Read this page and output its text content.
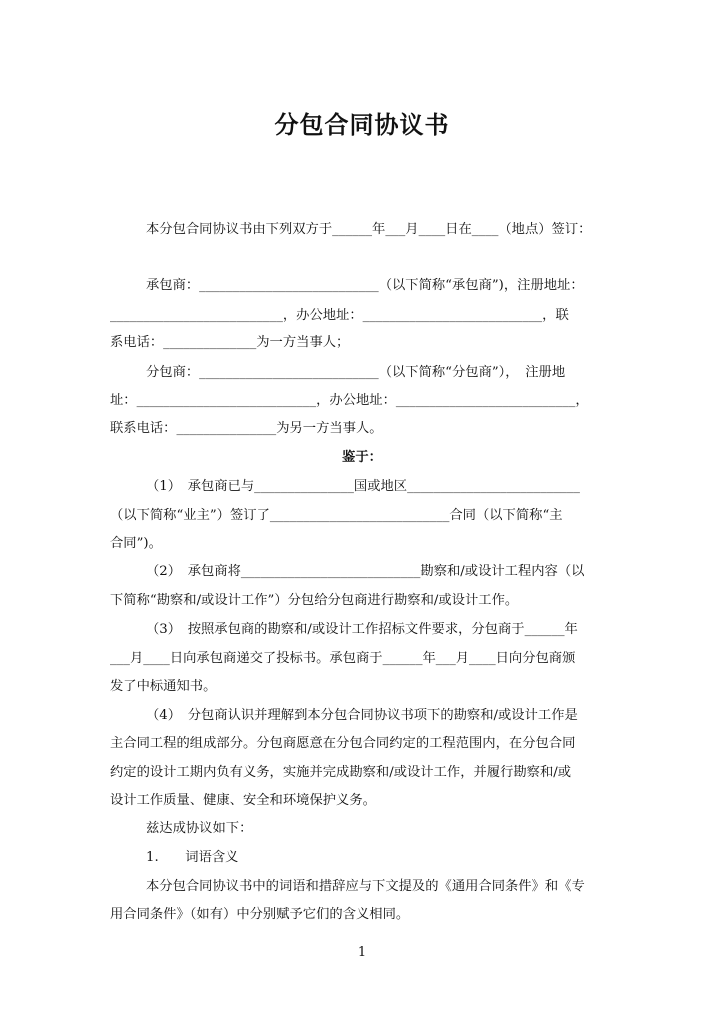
分包合同协议书
本分包合同协议书由下列双方于______年___月____日在____（地点）签订：
承包商：___________________________（以下简称“承包商”)，注册地址：
__________________________，办公地址：___________________________，联
系电话：______________为一方当事人；
分包商：___________________________（以下简称“分包商”），　注册地
址：___________________________，办公地址：___________________________，
联系电话：_______________为另一方当事人。
鉴于：
（1）　承包商已与_______________国或地区__________________________
（以下简称“业主”）签订了___________________________合同（以下简称“主
合同”)。
（2）　承包商将___________________________勘察和/或设计工程内容（以
下简称“勘察和/或设计工作”）分包给分包商进行勘察和/或设计工作。
（3）　按照承包商的勘察和/或设计工作招标文件要求，分包商于______年
___月____日向承包商递交了投标书。承包商于______年___月____日向分包商颁
发了中标通知书。
（4）　分包商认识并理解到本分包合同协议书项下的勘察和/或设计工作是
主合同工程的组成部分。分包商愿意在分包合同约定的工程范围内，在分包合同
约定的设计工期内负有义务，实施并完成勘察和/或设计工作，并履行勘察和/或
设计工作质量、健康、安全和环境保护义务。
兹达成协议如下：
1.　　词语含义
本分包合同协议书中的词语和措辞应与下文提及的《通用合同条件》和《专
用合同条件》（如有）中分别赋予它们的含义相同。
1
